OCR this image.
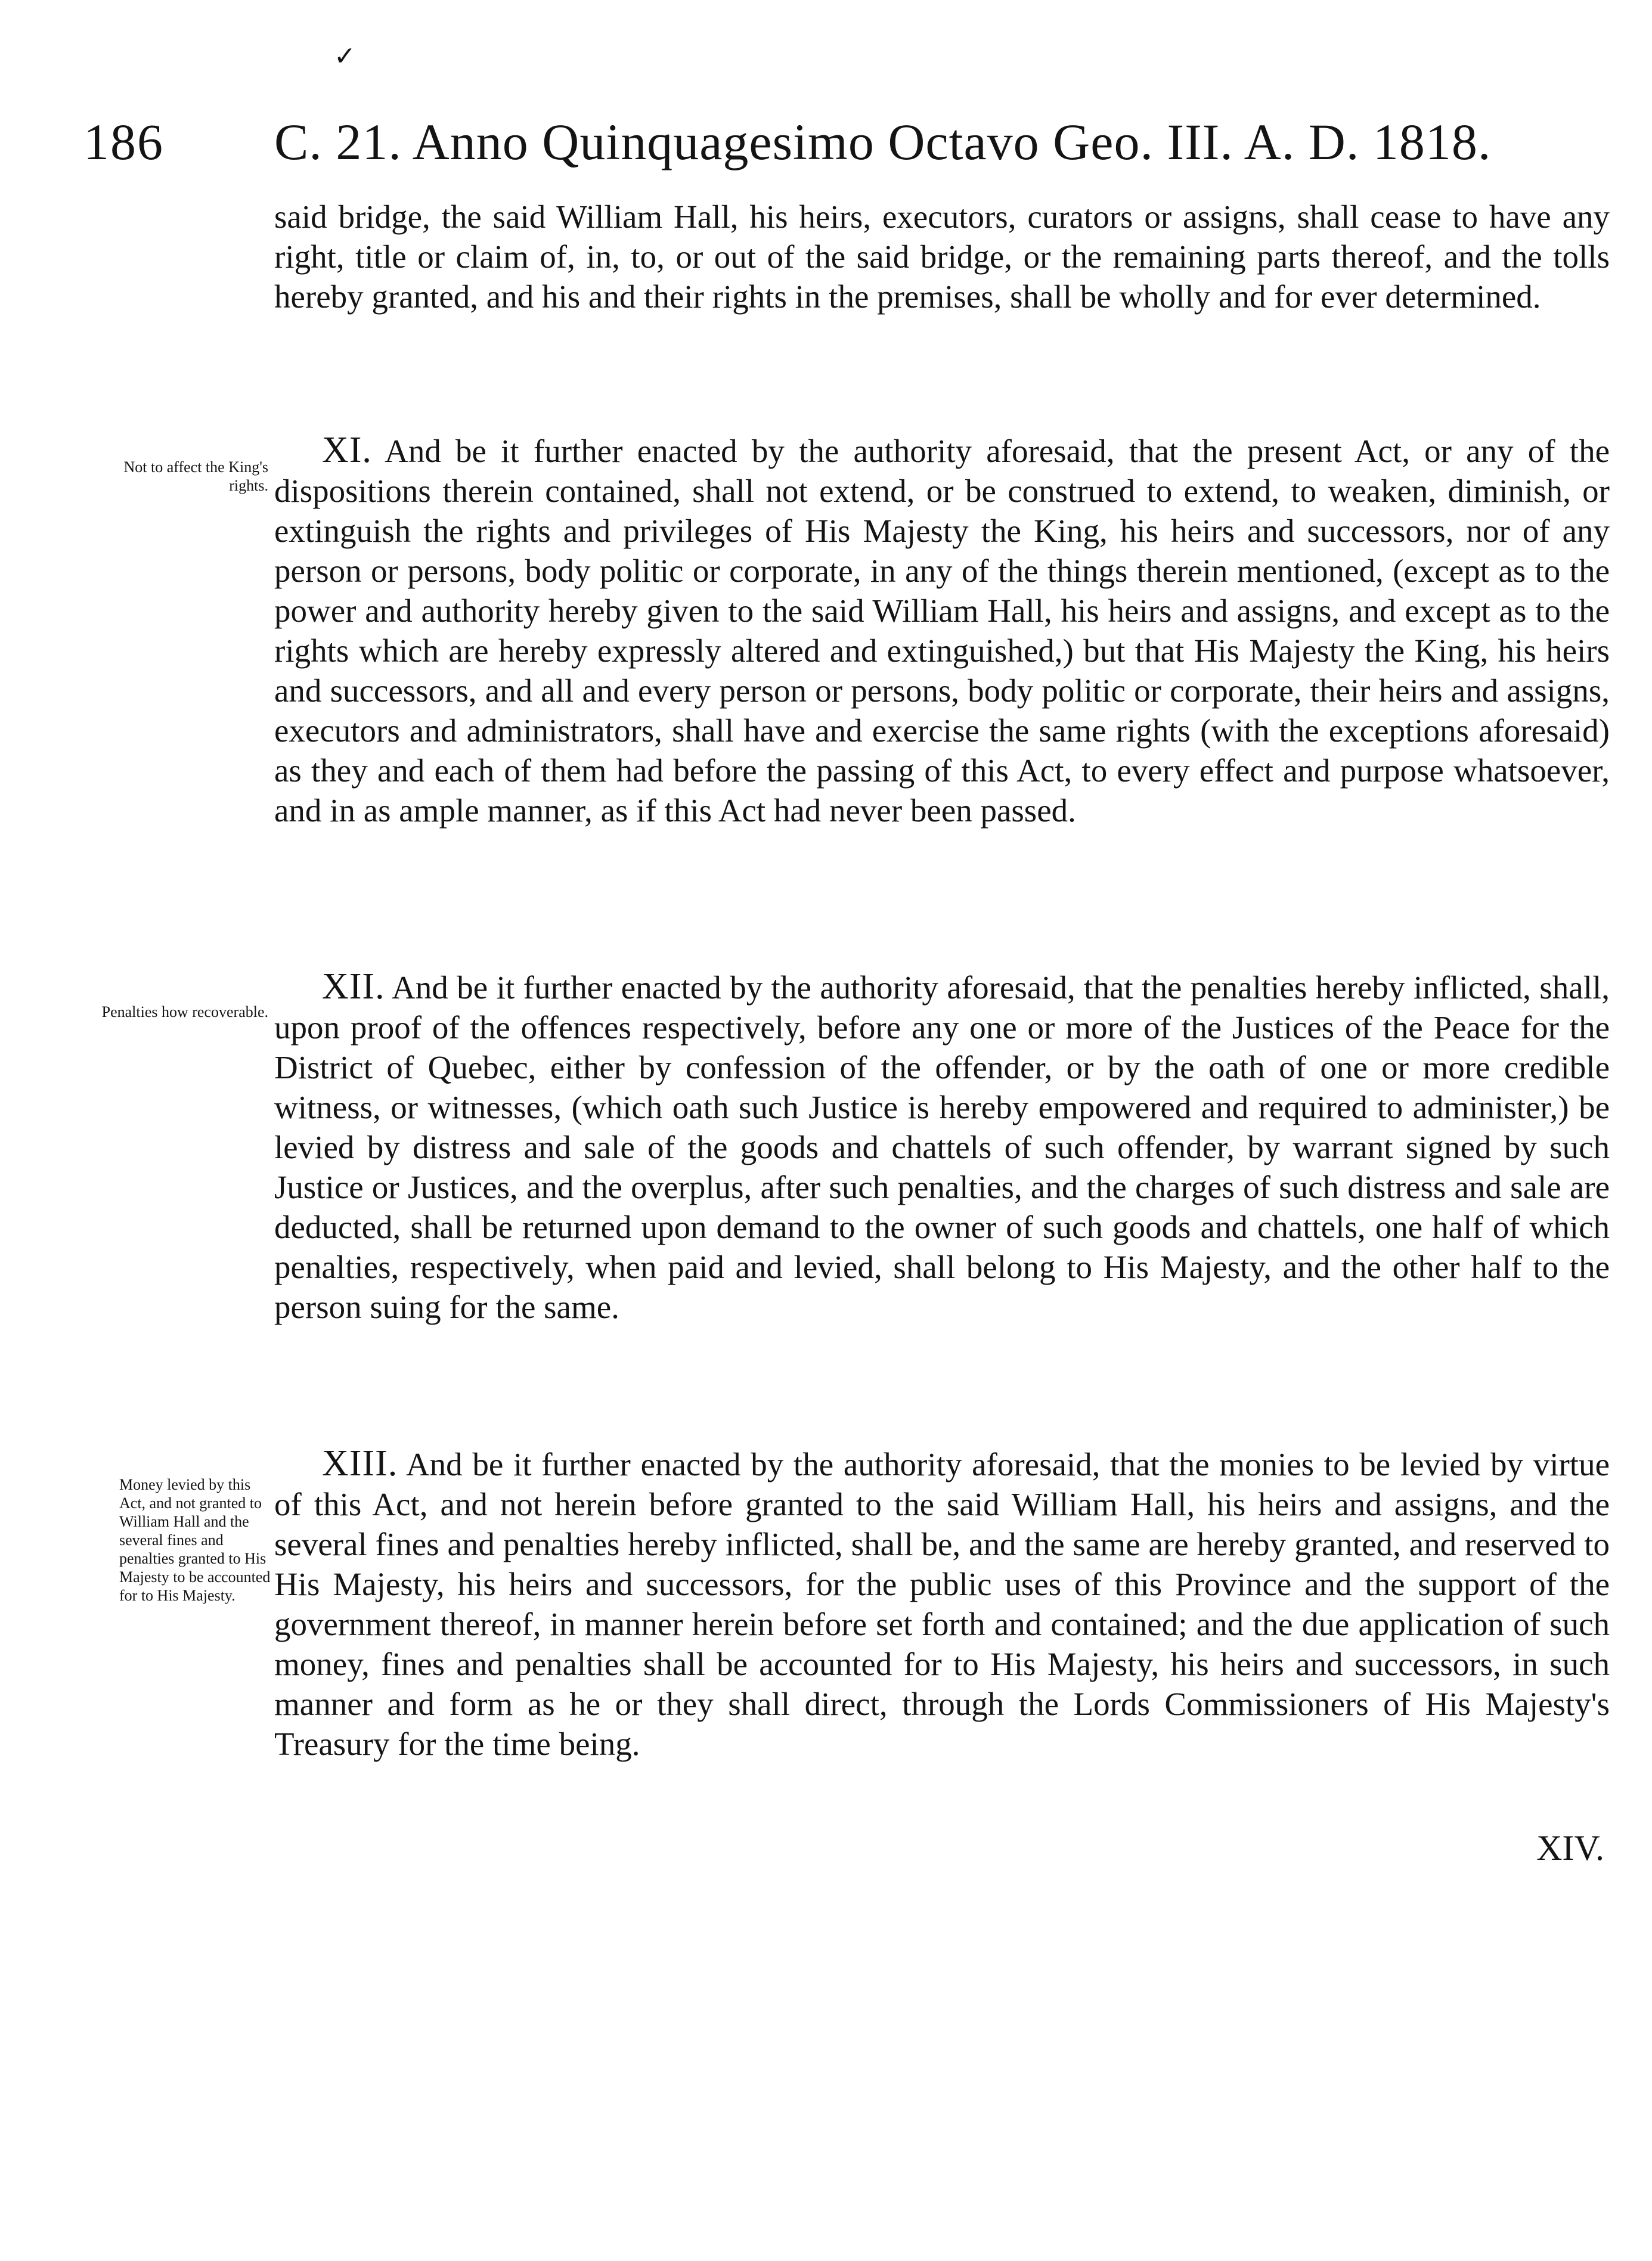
✓
186 C. 21. Anno Quinquagesimo Octavo Geo. III. A. D. 1818.

said bridge, the said William Hall, his heirs, executors, curators or assigns, shall cease to have any right, title or claim of, in, to, or out of the said bridge, or the remaining parts thereof, and the tolls hereby granted, and his and their rights in the premises, shall be wholly and for ever determined.

Not to affect the King's rights.

XI. And be it further enacted by the authority aforesaid, that the present Act, or any of the dispositions therein contained, shall not extend, or be construed to extend, to weaken, diminish, or extinguish the rights and privileges of His Majesty the King, his heirs and successors, nor of any person or persons, body politic or corporate, in any of the things therein mentioned, (except as to the power and authority hereby given to the said William Hall, his heirs and assigns, and except as to the rights which are hereby expressly altered and extinguished,) but that His Majesty the King, his heirs and successors, and all and every person or persons, body politic or corporate, their heirs and assigns, executors and administrators, shall have and exercise the same rights (with the exceptions aforesaid) as they and each of them had before the passing of this Act, to every effect and purpose whatsoever, and in as ample manner, as if this Act had never been passed.

Penalties how recoverable.

XII. And be it further enacted by the authority aforesaid, that the penalties hereby inflicted, shall, upon proof of the offences respectively, before any one or more of the Justices of the Peace for the District of Quebec, either by confession of the offender, or by the oath of one or more credible witness, or witnesses, (which oath such Justice is hereby empowered and required to administer,) be levied by distress and sale of the goods and chattels of such offender, by warrant signed by such Justice or Justices, and the overplus, after such penalties, and the charges of such distress and sale are deducted, shall be returned upon demand to the owner of such goods and chattels, one half of which penalties, respectively, when paid and levied, shall belong to His Majesty, and the other half to the person suing for the same.

Money levied by this Act, and not granted to William Hall and the several fines and penalties granted to His Majesty to be accounted for to His Majesty.

XIII. And be it further enacted by the authority aforesaid, that the monies to be levied by virtue of this Act, and not herein before granted to the said William Hall, his heirs and assigns, and the several fines and penalties hereby inflicted, shall be, and the same are hereby granted, and reserved to His Majesty, his heirs and successors, for the public uses of this Province and the support of the government thereof, in manner herein before set forth and contained; and the due application of such money, fines and penalties shall be accounted for to His Majesty, his heirs and successors, in such manner and form as he or they shall direct, through the Lords Commissioners of His Majesty's Treasury for the time being.

XIV.
